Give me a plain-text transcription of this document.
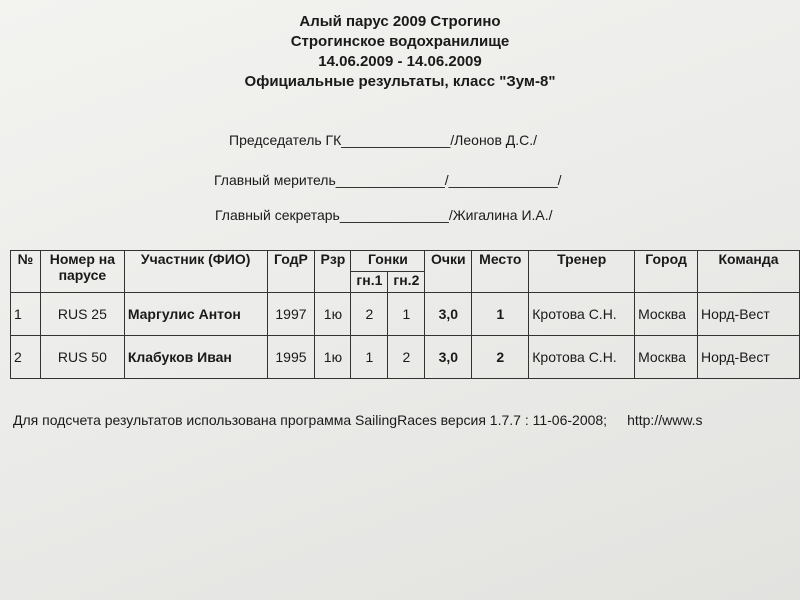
Алый парус 2009 Строгино
Строгинское водохранилище
14.06.2009 - 14.06.2009
Официальные результаты, класс "Зум-8"
Председатель ГК______________/Леонов Д.С./
Главный мерител‌ь______________/______________/
Главный секретарь______________/Жигалина И.А./
№	Номер на парусе	Участник (ФИО)	ГодР	Рзр	Гонки		Очки	Место	Тренер	Город	Команда
					гн.1	гн.2					
1	RUS 25	Маргулис Антон	1997	1ю	2	1	3,0	1	Кротова С.Н.	Москва	Норд-Вест
2	RUS 50	Клабуков Иван	1995	1ю	1	2	3,0	2	Кротова С.Н.	Москва	Норд-Вест
Для подсчета результатов использована программа SailingRaces версия 1.7.7 : 11-06-2008; http://www.s
